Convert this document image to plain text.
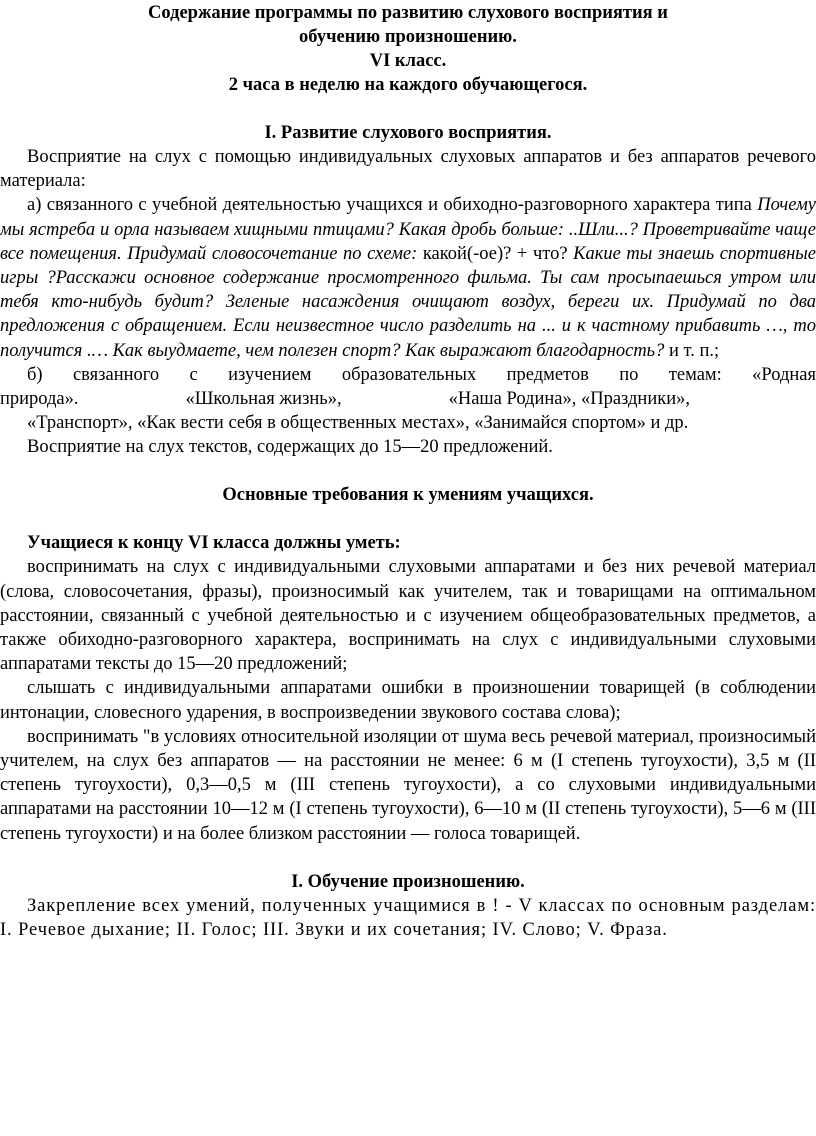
Содержание программы по развитию слухового восприятия и
обучению произношению.
VI класс.
2 часа в неделю на каждого обучающегося.
I. Развитие слухового восприятия.

Восприятие на слух с помощью индивидуальных слуховых аппаратов и без аппаратов речевого материала:

а) связанного с учебной деятельностью учащихся и обиходно-разговорного характера типа Почему мы ястреба и орла называем хищными птицами? Какая дробь больше: ..Шли...? Проветривайте чаще все помещения. Придумай словосочетание по схеме: какой(-ое)? + что? Какие ты знаешь спортивные игры ?Расскажи основное содержание просмотренного фильма. Ты сам просыпаешься утром или тебя кто-нибудь будит? Зеленые насаждения очищают воздух, береги их. Придумай по два предложения с обращением. Если неизвестное число разделить на ... и к частному прибавить …, то получится .… Как выудмаете, чем полезен спорт? Как выражают благодарность? и т. п.;

б) связанного с изучением образовательных предметов по темам: «Родная

природа».	«Школьная жизнь»,	«Наша Родина», «Праздники»,

«Транспорт», «Как вести себя в общественных местах», «Занимайся спортом» и др.

Восприятие на слух текстов, содержащих до 15—20 предложений.

Основные требования к умениям учащихся.
Учащиеся к концу VI класса должны уметь:

воспринимать на слух с индивидуальными слуховыми аппаратами и без них речевой материал (слова, словосочетания, фразы), произносимый как учителем, так и товарищами на оптимальном расстоянии, связанный с учебной деятельностью и с изучением общеобразовательных предметов, а также обиходно-разговорного характера, воспринимать на слух с индивидуальными слуховыми аппаратами тексты до 15—20 предложений;

слышать с индивидуальными аппаратами ошибки в произношении товарищей (в соблюдении интонации, словесного ударения, в воспроизведении звукового состава слова);

воспринимать "в условиях относительной изоляции от шума весь речевой материал, произносимый учителем, на слух без аппаратов — на расстоянии не менее: 6 м (I степень тугоухости), 3,5 м (II степень тугоухости), 0,3—0,5 м (III степень тугоухости), а со слуховыми индивидуальными аппаратами на расстоянии 10—12 м (I степень тугоухости), 6—10 м (II степень тугоухости), 5—6 м (III степень тугоухости) и на более близком расстоянии — голоса товарищей.

I. Обучение произношению.

Закрепление всех умений, полученных учащимися в ! - V классах по основным разделам: I. Речевое дыхание; II. Голос; III. Звуки и их сочетания; IV. Слово; V. Фраза.
